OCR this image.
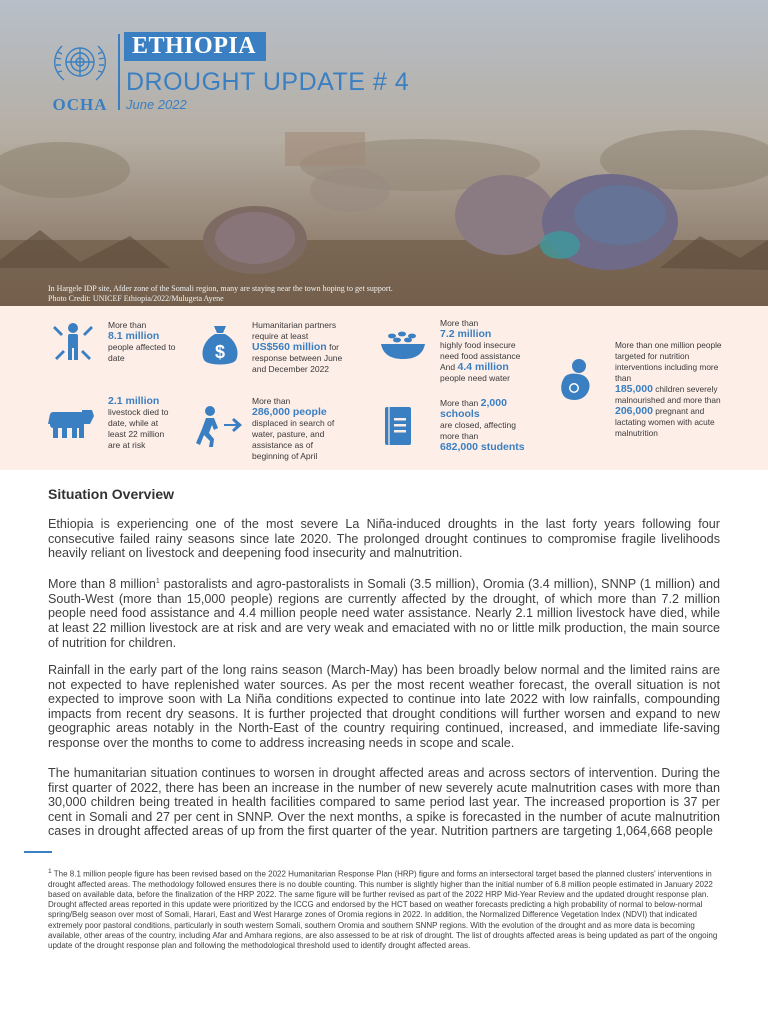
OCHA
ETHIOPIA
DROUGHT UPDATE # 4
June 2022
In Hargele IDP site, Afder zone of the Somali region, many are staying near the town hoping to get support.
Photo Credit: UNICEF Ethiopia/2022/Mulugeta Ayene
More than
8.1 million
people affected to date	$
Humanitarian partners require at least
US$560 million for
response between June and December 2022
More than
7.2 million
highly food insecure need food assistance
And 4.4 million
people need water
More than one million people targeted for nutrition interventions including more than
185,000 children severely malnourished and more than 206,000 pregnant and lactating women with acute malnutrition
2.1 million
livestock died to date, while at least 22 million are at risk
More than
286,000 people
displaced in search of water, pasture, and assistance as of beginning of April
More than 2,000 schools
are closed, affecting more than
682,000 students
Situation Overview

Ethiopia is experiencing one of the most severe La Niña-induced droughts in the last forty years following four consecutive failed rainy seasons since late 2020. The prolonged drought continues to compromise fragile livelihoods heavily reliant on livestock and deepening food insecurity and malnutrition.

More than 8 million$^1$ pastoralists and agro-pastoralists in Somali (3.5 million), Oromia (3.4 million), SNNP (1 million) and South-West (more than 15,000 people) regions are currently affected by the drought, of which more than 7.2 million people need food assistance and 4.4 million people need water assistance. Nearly 2.1 million livestock have died, while at least 22 million livestock are at risk and are very weak and emaciated with no or little milk production, the main source of nutrition for children.

Rainfall in the early part of the long rains season (March-May) has been broadly below normal and the limited rains are not expected to have replenished water sources. As per the most recent weather forecast, the overall situation is not expected to improve soon with La Niña conditions expected to continue into late 2022 with low rainfalls, compounding impacts from recent dry seasons. It is further projected that drought conditions will further worsen and expand to new geographic areas notably in the North-East of the country requiring continued, increased, and immediate life-saving response over the months to come to address increasing needs in scope and scale.

The humanitarian situation continues to worsen in drought affected areas and across sectors of intervention. During the first quarter of 2022, there has been an increase in the number of new severely acute malnutrition cases with more than 30,000 children being treated in health facilities compared to same period last year. The increased proportion is 37 per cent in Somali and 27 per cent in SNNP. Over the next months, a spike is forecasted in the number of acute malnutrition cases in drought affected areas of up from the first quarter of the year. Nutrition partners are targeting 1,064,668 people

$^1$ The 8.1 million people figure has been revised based on the 2022 Humanitarian Response Plan (HRP) figure and forms an intersectoral target based the planned clusters' interventions in drought affected areas. The methodology followed ensures there is no double counting. This number is slightly higher than the initial number of 6.8 million people estimated in January 2022 based on available data, before the finalization of the HRP 2022. The same figure will be further revised as part of the 2022 HRP Mid-Year Review and the updated drought response plan.
Drought affected areas reported in this update were prioritized by the ICCG and endorsed by the HCT based on weather forecasts predicting a high probability of normal to below-normal spring/Belg season over most of Somali, Harari, East and West Hararge zones of Oromia regions in 2022. In addition, the Normalized Difference Vegetation Index (NDVI) that indicated extremely poor pastoral conditions, particularly in south western Somali, southern Oromia and southern SNNP regions. With the evolution of the drought and as more data is becoming available, other areas of the country, including Afar and Amhara regions, are also assessed to be at risk of drought. The list of droughts affected areas is being updated as part of the ongoing update of the drought response plan and following the methodological threshold used to identify drought affected areas.
